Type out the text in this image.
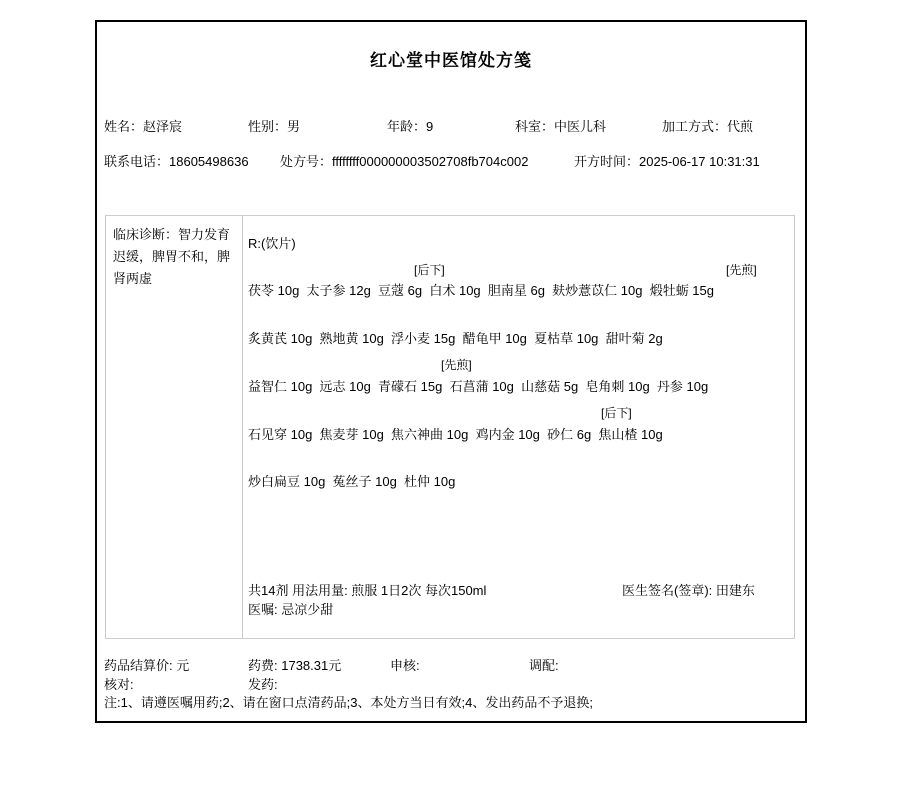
红心堂中医馆处方笺
姓名：赵泽宸	性别：男	年龄：9	科室：中医儿科	加工方式：代煎
联系电话：18605498636 处方号：ffffffff000000003502708fb704c002	开方时间：2025-06-17 10:31:31
临床诊断：智力发育迟缓，脾胃不和，脾肾两虚
R:(饮片)
[后下]	[先煎]
茯苓 10g  太子参 12g  豆蔻 6g  白术 10g  胆南星 6g  麸炒薏苡仁 10g  煅牡蛎 15g
炙黄芪 10g  熟地黄 10g  浮小麦 15g  醋龟甲 10g  夏枯草 10g  甜叶菊 2g
[先煎]
益智仁 10g  远志 10g  青礞石 15g  石菖蒲 10g  山慈菇 5g  皂角刺 10g  丹参 10g
[后下]
石见穿 10g  焦麦芽 10g  焦六神曲 10g  鸡内金 10g  砂仁 6g  焦山楂 10g
炒白扁豆 10g  菟丝子 10g  杜仲 10g
共14剂 用法用量: 煎服 1日2次 每次150ml	医生签名(签章): 田建东
医嘱: 忌凉少甜
药品结算价: 元	药费: 1738.31元	申核:	调配:
核对:	发药:
注:1、请遵医嘱用药;2、请在窗口点清药品;3、本处方当日有效;4、发出药品不予退换;
